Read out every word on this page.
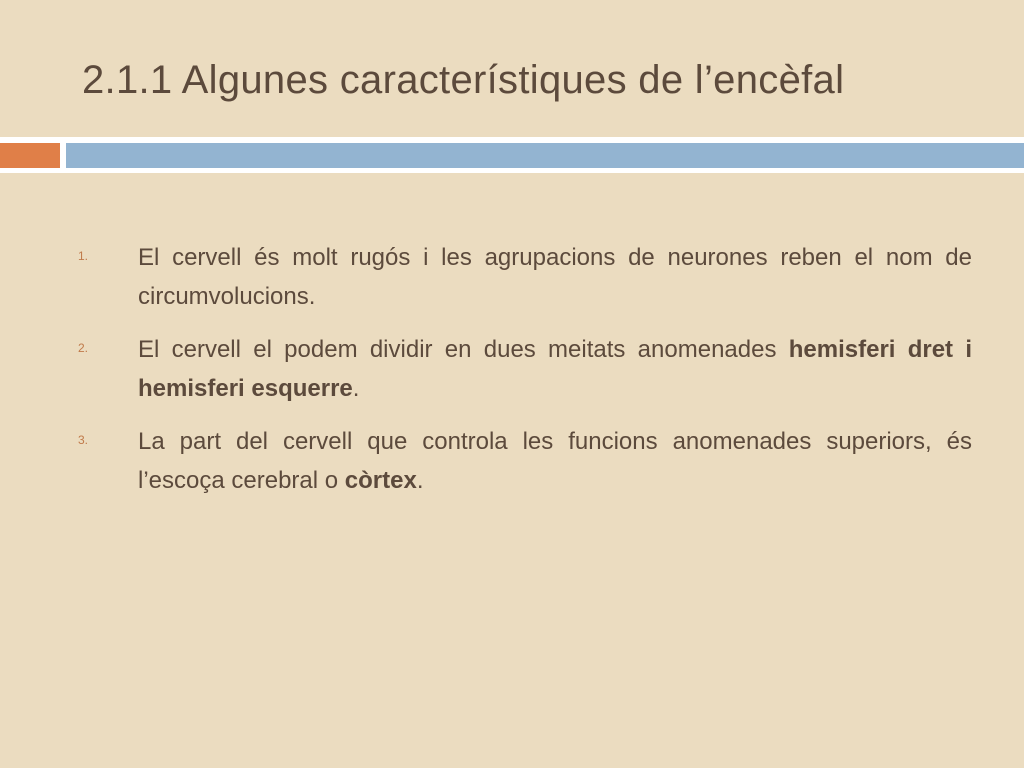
2.1.1 Algunes característiques de l’encèfal
1. El cervell és molt rugós i les agrupacions de neurones reben el nom de circumvolucions.
2. El cervell el podem dividir en dues meitats anomenades hemisferi dret i hemisferi esquerre.
3. La part del cervell que controla les funcions anomenades superiors, és l’escoça cerebral o còrtex.
